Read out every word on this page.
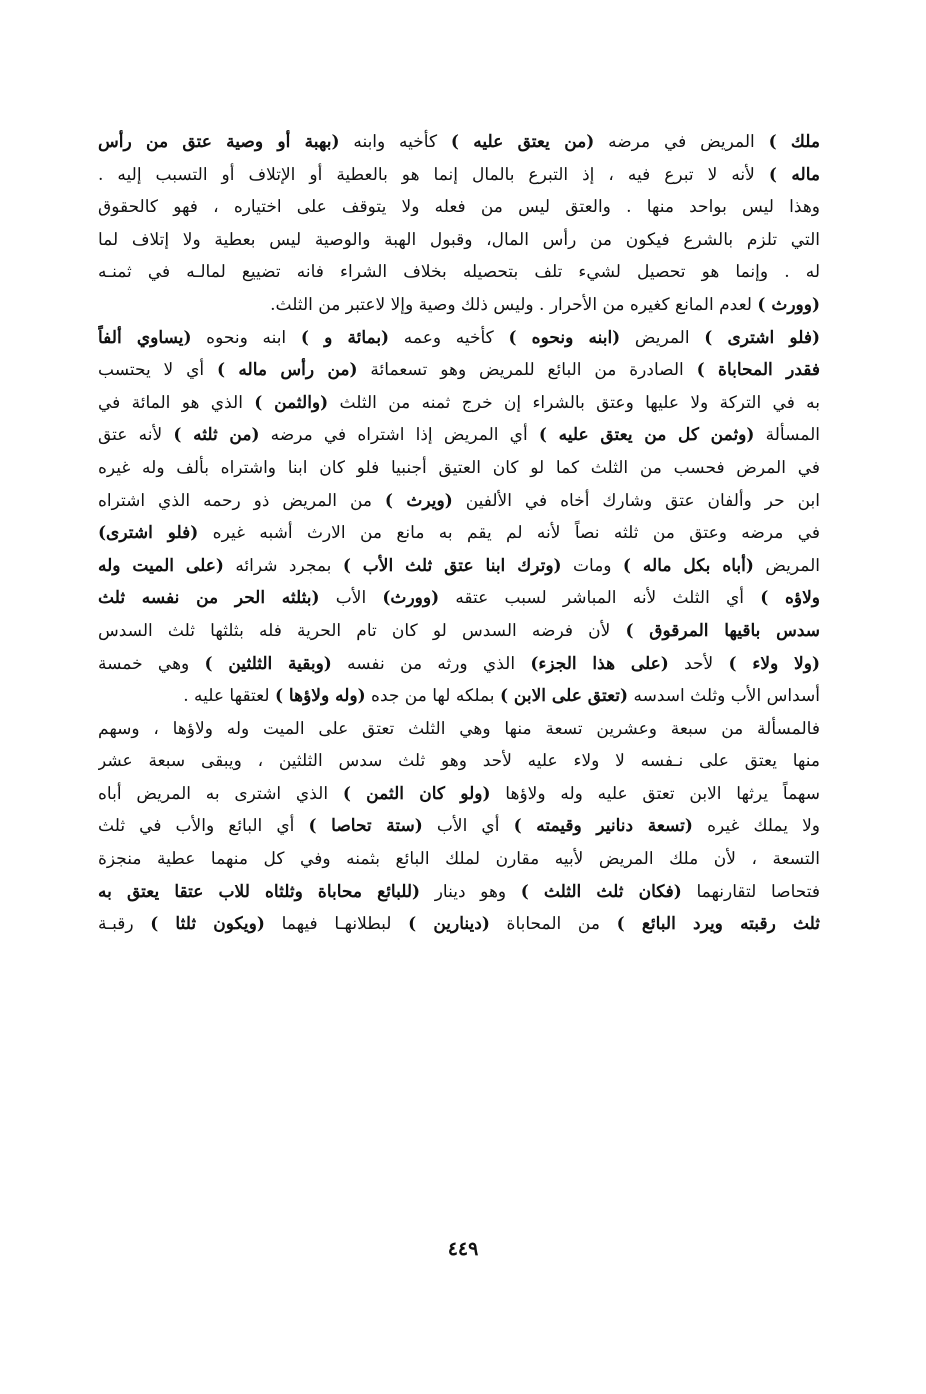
ملك ) المريض في مرضه (من يعتق عليه ) كأخيه وابنه (بهبة أو وصية عتق من رأس
ماله ) لأنه لا تبرع فيه ، إذ التبرع بالمال إنما هو بالعطية أو الإتلاف أو التسبب إليه .
وهذا ليس بواحد منها . والعتق ليس من فعله ولا يتوقف على اختياره ، فهو كالحقوق
التي تلزم بالشرع فيكون من رأس المال، وقبول الهبة والوصية ليس بعطية ولا إتلاف لما
له . وإنما هو تحصيل لشيء تلف بتحصيله بخلاف الشراء فانه تضييع لمالـه في ثمنـه
(وورث ) لعدم المانع كغيره من الأحرار . وليس ذلك وصية وإلا لاعتبر من الثلث.
(فلو اشترى ) المريض (ابنه ونحوه ) كأخيه وعمه (بمائة و ) ابنه ونحوه (يساوي ألفاً
فقدر المحاباة ) الصادرة من البائع للمريض وهو تسعمائة (من رأس ماله ) أي لا يحتسب
به في التركة ولا عليها وعتق بالشراء إن خرج ثمنه من الثلث (والثمن ) الذي هو المائة في
المسألة (وثمن كل من يعتق عليه ) أي المريض إذا اشتراه في مرضه (من ثلثه ) لأنه عتق
في المرض فحسب من الثلث كما لو كان العتيق أجنبيا فلو كان ابنا واشتراه بألف وله غيره
ابن حر وألفان عتق وشارك أخاه في الألفين (ويرث ) من المريض ذو رحمه الذي اشتراه
في مرضه وعتق من ثلثه نصاً لأنه لم يقم به مانع من الارث أشبه غيره (فلو اشترى)
المريض (أباه بكل ماله ) ومات (وترك ابنا عتق ثلث الأب ) بمجرد شرائه (على الميت وله
ولاؤه ) أي الثلث لأنه المباشر لسبب عتقه (وورث) الأب (بثلثه الحر من نفسه ثلث
سدس باقيها المرقوق ) لأن فرضه السدس لو كان تام الحرية فله بثلثها ثلث السدس
(ولا ولاء ) لأحد (على هذا الجزء) الذي ورثه من نفسه (وبقية الثلثين ) وهي خمسة
أسداس الأب وثلث اسدسه (تعتق على الابن ) بملكه لها من جده (وله ولاؤها ) لعتقها عليه .
فالمسألة من سبعة وعشرين تسعة منها وهي الثلث تعتق على الميت وله ولاؤها ، وسهم
منها يعتق على نـفسه لا ولاء عليه لأحد وهو ثلث سدس الثلثين ، ويبقى سبعة عشر
سهماً يرثها الابن تعتق عليه وله ولاؤها (ولو كان الثمن ) الذي اشترى به المريض أباه
ولا يملك غيره (تسعة دنانير وقيمته ) أي الأب (ستة تحاصا ) أي البائع والأب في ثلث
التسعة ، لأن ملك المريض لأبيه مقارن لملك البائع بثمنه وفي كل منهما عطية منجزة
فتحاصا لتقارنهما (فكان ثلث الثلث ) وهو دينار (للبائع محاباة وثلثاه للاب عتقا يعتق به
ثلث رقبته ويرد البائع ) من المحاباة (دينارين ) لبطلانهـا فيهما (ويكون ثلثا ) رقبـة
٤٤٩
